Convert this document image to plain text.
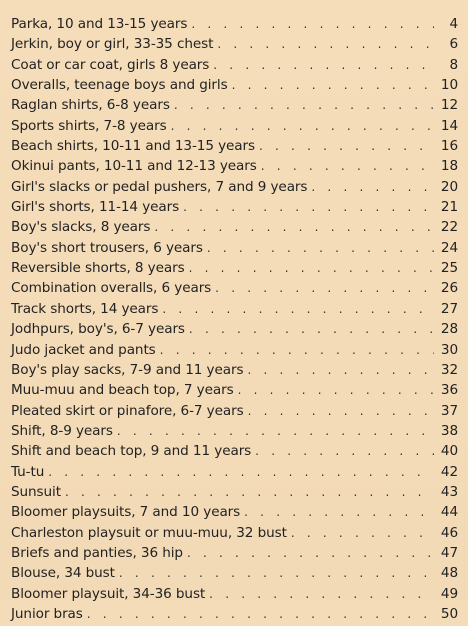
Parka, 10 and 13-15 years . . .	4
Jerkin, boy or girl, 33-35 chest . . .	6
Coat or car coat, girls 8 years . . .	8
Overalls, teenage boys and girls . . .	10
Raglan shirts, 6-8 years . . .	12
Sports shirts, 7-8 years . . .	14
Beach shirts, 10-11 and 13-15 years . . .	16
Okinui pants, 10-11 and 12-13 years . . .	18
Girl's slacks or pedal pushers, 7 and 9 years . . .	20
Girl's shorts, 11-14 years . . .	21
Boy's slacks, 8 years . . .	22
Boy's short trousers, 6 years . . .	24
Reversible shorts, 8 years . . .	25
Combination overalls, 6 years . . .	26
Track shorts, 14 years . . .	27
Jodhpurs, boy's, 6-7 years . . .	28
Judo jacket and pants . . .	30
Boy's play sacks, 7-9 and 11 years . . .	32
Muu-muu and beach top, 7 years . . .	36
Pleated skirt or pinafore, 6-7 years . . .	37
Shift, 8-9 years . . .	38
Shift and beach top, 9 and 11 years . . .	40
Tu-tu . . .	42
Sunsuit . . .	43
Bloomer playsuits, 7 and 10 years . . .	44
Charleston playsuit or muu-muu, 32 bust . . .	46
Briefs and panties, 36 hip . . .	47
Blouse, 34 bust . . .	48
Bloomer playsuit, 34-36 bust . . .	49
Junior bras . . .	50
